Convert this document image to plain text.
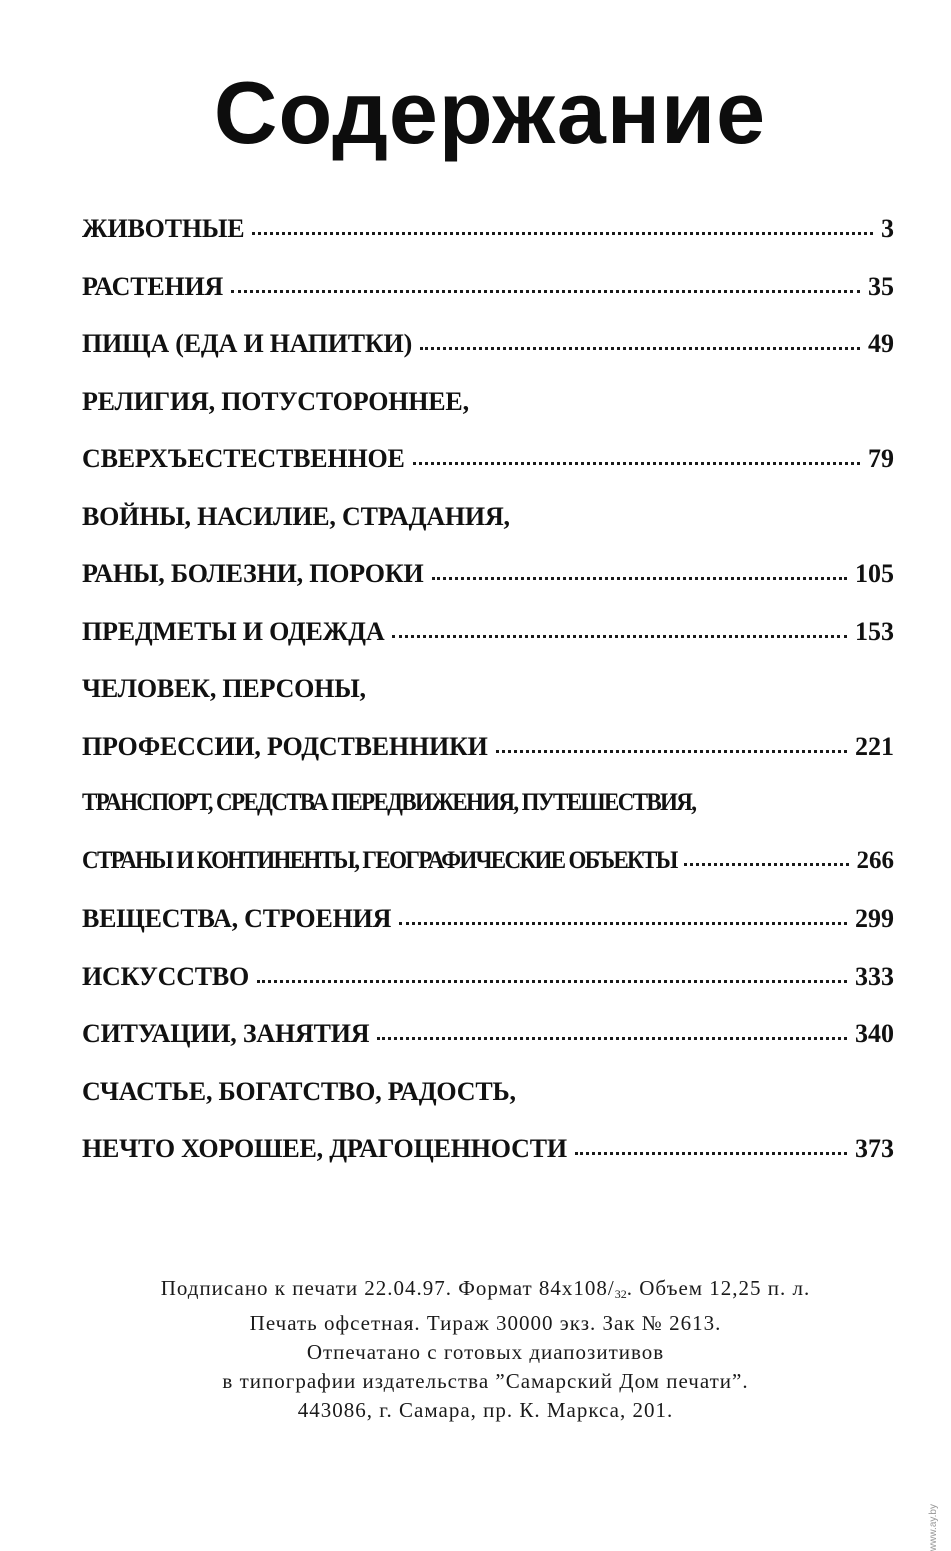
Содержание
ЖИВОТНЫЕ	3
РАСТЕНИЯ	35
ПИЩА (ЕДА И НАПИТКИ)	49
РЕЛИГИЯ, ПОТУСТОРОННЕЕ,
СВЕРХЪЕСТЕСТВЕННОЕ	79
ВОЙНЫ, НАСИЛИЕ, СТРАДАНИЯ,
РАНЫ, БОЛЕЗНИ, ПОРОКИ	105
ПРЕДМЕТЫ И ОДЕЖДА	153
ЧЕЛОВЕК, ПЕРСОНЫ,
ПРОФЕССИИ, РОДСТВЕННИКИ	221
ТРАНСПОРТ, СРЕДСТВА ПЕРЕДВИЖЕНИЯ, ПУТЕШЕСТВИЯ,
СТРАНЫ И КОНТИНЕНТЫ, ГЕОГРАФИЧЕСКИЕ ОБЪЕКТЫ	266
ВЕЩЕСТВА, СТРОЕНИЯ	299
ИСКУССТВО	333
СИТУАЦИИ, ЗАНЯТИЯ	340
СЧАСТЬЕ, БОГАТСТВО, РАДОСТЬ,
НЕЧТО ХОРОШЕЕ, ДРАГОЦЕННОСТИ	373

Подписано к печати 22.04.97. Формат $84х108/_{32}$. Объем 12,25 п. л.

Печать офсетная. Тираж 30000 экз. Зак № 2613.

Отпечатано с готовых диапозитивов

в типографии издательства ”Самарский Дом печати”.

443086, г. Самара, пр. К. Маркса, 201.

www.ay.by
